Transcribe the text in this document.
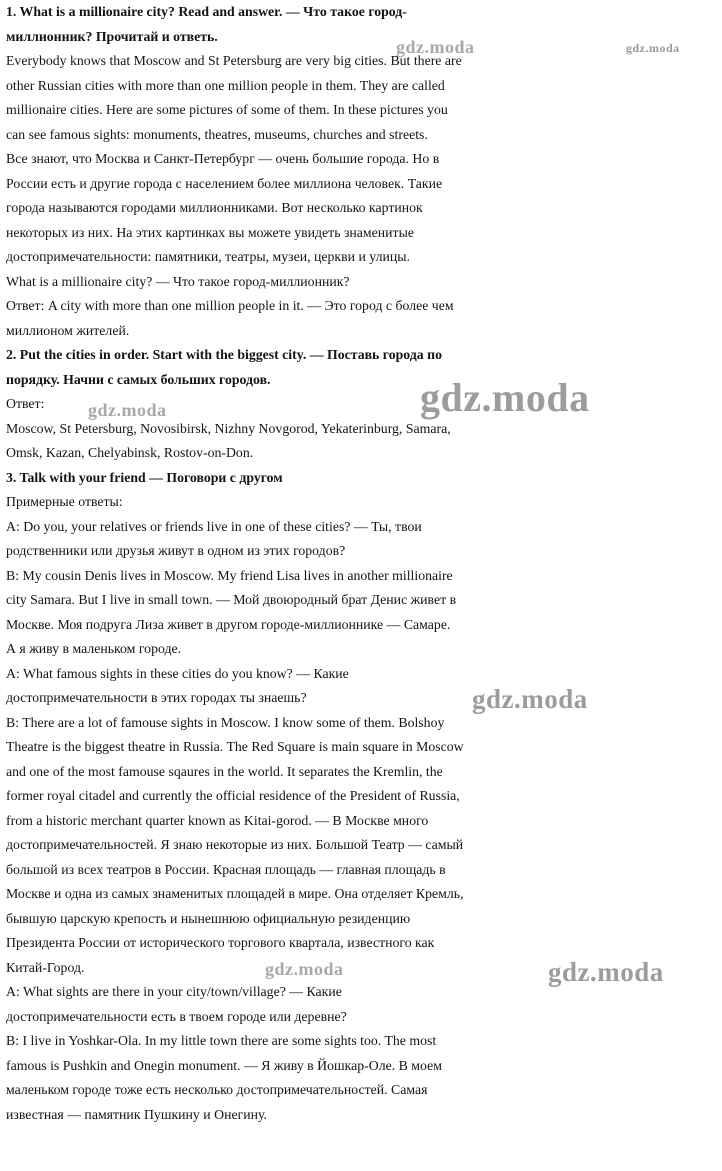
1. What is a millionaire city? Read and answer. — Что такое город-
миллионник? Прочитай и ответь.
Everybody knows that Moscow and St Petersburg are very big cities. But there are
other Russian cities with more than one million people in them. They are called
millionaire cities. Here are some pictures of some of them. In these pictures you
can see famous sights: monuments, theatres, museums, churches and streets.
Все знают, что Москва и Санкт-Петербург — очень большие города. Но в
России есть и другие города с населением более миллиона человек. Такие
города называются городами миллионниками. Вот несколько картинок
некоторых из них. На этих картинках вы можете увидеть знаменитые
достопримечательности: памятники, театры, музеи, церкви и улицы.
What is a millionaire city? — Что такое город-миллионник?
Ответ: A city with more than one million people in it. — Это город с более чем
миллионом жителей.
2. Put the cities in order. Start with the biggest city. — Поставь города по
порядку. Начни с самых больших городов.
Ответ:
Moscow, St Petersburg, Novosibirsk, Nizhny Novgorod, Yekaterinburg, Samara,
Omsk, Kazan, Chelyabinsk, Rostov-on-Don.
3. Talk with your friend — Поговори с другом
Примерные ответы:
A: Do you, your relatives or friends live in one of these cities? — Ты, твои
родственники или друзья живут в одном из этих городов?
B: My cousin Denis lives in Moscow. My friend Lisa lives in another millionaire
city Samara. But I live in small town. — Мой двоюродный брат Денис живет в
Москве. Моя подруга Лиза живет в другом городе-миллионнике — Самаре.
А я живу в маленьком городе.
A: What famous sights in these cities do you know? — Какие
достопримечательности в этих городах ты знаешь?
B: There are a lot of famouse sights in Moscow. I know some of them. Bolshoy
Theatre is the biggest theatre in Russia. The Red Square is main square in Moscow
and one of the most famouse sqaures in the world. It separates the Kremlin, the
former royal citadel and currently the official residence of the President of Russia,
from a historic merchant quarter known as Kitai-gorod. — В Москве много
достопримечательностей. Я знаю некоторые из них. Большой Театр — самый
большой из всех театров в России. Красная площадь — главная площадь в
Москве и одна из самых знаменитых площадей в мире. Она отделяет Кремль,
бывшую царскую крепость и нынешнюю официальную резиденцию
Президента России от исторического торгового квартала, известного как
Китай-Город.
A: What sights are there in your city/town/village? — Какие
достопримечательности есть в твоем городе или деревне?
B: I live in Yoshkar-Ola. In my little town there are some sights too. The most
famous is Pushkin and Onegin monument. — Я живу в Йошкар-Оле. В моем
маленьком городе тоже есть несколько достопримечательностей. Самая
известная — памятник Пушкину и Онегину.
gdz.moda	gdz.moda
gdz.moda	gdz.moda
gdz.moda
gdz.moda	gdz.moda
